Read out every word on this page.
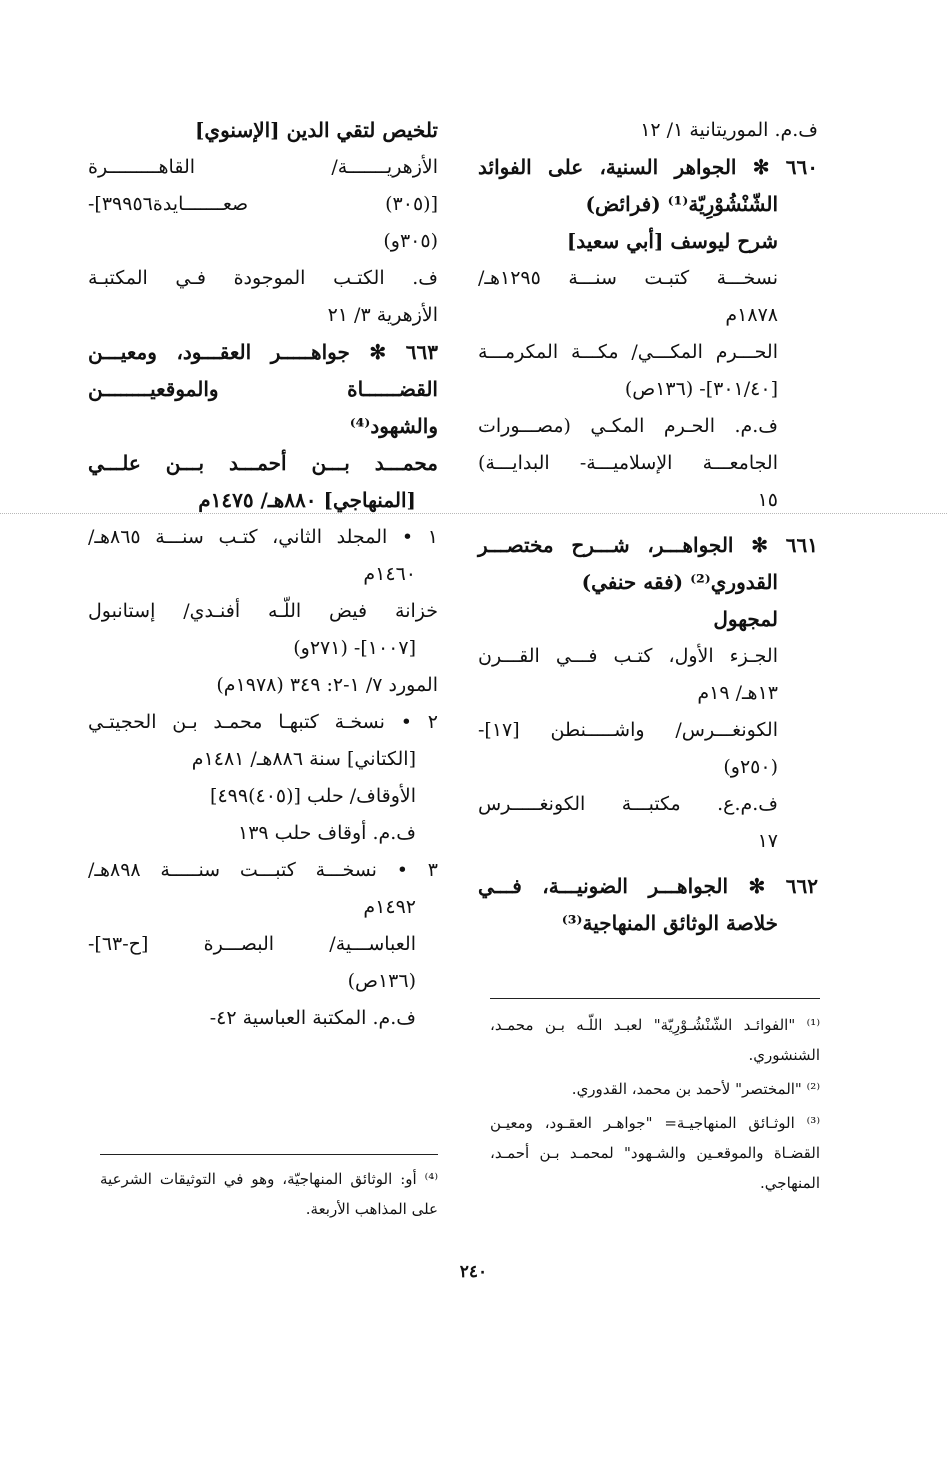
ف.م. الموريتانية ١/ ١٢
٦٦٠ ✻ الجواهر السنية، على الفوائد
الشّنْشُوْرِيّة⁽¹⁾ (فرائض)
شرح ليوسف [أبي سعيد]
نسخـــة كتبـت سنـــة ١٢٩٥هـ/
١٨٧٨م
الحـــرم المكـــي/ مكـــة المكرمـــة
[٣٠١/٤٠]- (١٣٦ص)
ف.م. الحـرم المكـي (مصـــورات
الجامعـــة الإسلاميـــة- البدايـــة)
١٥
٦٦١ ✻ الجواهـــر، شـــرح مختصـــر
القدوري⁽²⁾ (فقه حنفي)
لمجهول
الجـزء الأول، كتـب فـــي القـــرن
١٣هـ/ ١٩م
الكونغـــرس/ واشـــــنطن [١٧]-
(٢٥٠و)
ف.م.ع. مكتبـــة الكونغـــــرس
١٧
٦٦٢ ✻ الجواهـــر الضونيـــة، فـــي
خلاصة الوثائق المنهاجية⁽³⁾
تلخيص لتقي الدين [الإسنوي]
الأزهريـــــــة/ القاهـــــــــرة
[(٣٠٥) صعـــــــايدة٣٩٩٥٦]-
(٣٠٥و)
ف. الكتـب الموجودة فـي المكتبـة
الأزهرية ٣/ ٢١
٦٦٣ ✻ جواهـــــر العقـــود، ومعيـــن
القضــــــاة والموقعيــــــــن
والشهود⁽⁴⁾
محمـــد بـــن أحمـــد بـــن علـــي
[المنهاجي] ٨٨٠هـ/ ١٤٧٥م
١ • المجلد الثاني، كتـب سنـــة ٨٦٥هـ/
١٤٦٠م
خزانة فيض اللّـه أفنـدي/ إستانبول
[١٠٠٧]- (٢٧١و)
المورد ٧/ ١-٢: ٣٤٩ (١٩٧٨م)
٢ • نسخـة كتبهـا محمـد بـن الحجيتـي
[الكتاني] سنة ٨٨٦هـ/ ١٤٨١م
الأوقاف/ حلب [(٤٠٥)٤٩٩]
ف.م. أوقاف حلب ١٣٩
٣ • نسخـــة كتبـــت سنـــــة ٨٩٨هـ/
١٤٩٢م
العباســـية/ البصـــرة [ح-٦٣]-
(١٣٦ص)
ف.م. المكتبة العباسية ٤٢-	⁽¹⁾ "الفوائـد الشّنْشُـوْرِيّة" لعبـد اللّـه بـن محمـد، الشنشوري.

⁽²⁾ "المختصر" لأحمد بن محمد، القدوري.

⁽³⁾ الوثـائق المنهاجيـة= "جواهـر العقـود، ومعيـن القضـاة والموقعـين والشـهود" لمحمـد بـن أحمـد، المنهاجي.

⁽⁴⁾ أو: الوثائق المنهاجيّة، وهو في التوثيقات الشرعية على المذاهب الأربعة.

٢٤٠
